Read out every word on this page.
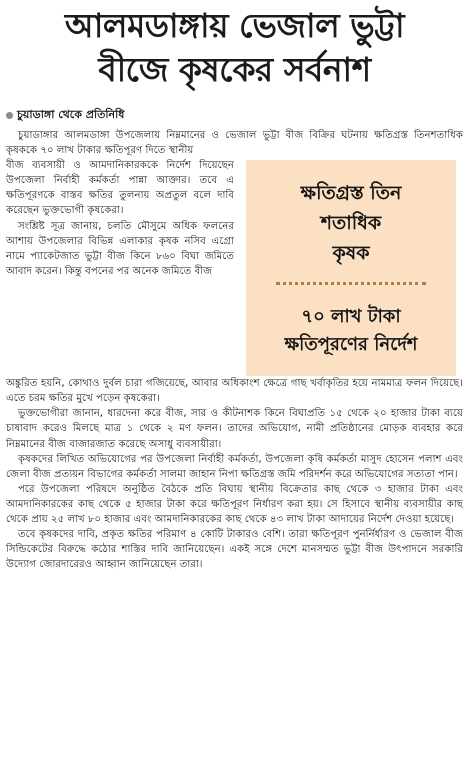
আলমডাঙ্গায় ভেজাল ভুট্টা
বীজে কৃষকের সর্বনাশ
চুয়াডাঙ্গা থেকে প্রতিনিধি

চুয়াডাঙ্গার আলমডাঙ্গা উপজেলায় নিম্নমানের ও ভেজাল ভুট্টা বীজ বিক্রির ঘটনায় ক্ষতিগ্রস্ত তিনশতাধিক কৃষককে ৭০ লাখ টাকার ক্ষতিপূরণ দিতে স্থানীয়

বীজ ব্যবসায়ী ও আমদানিকারককে নির্দেশ দিয়েছেন উপজেলা নির্বাহী কর্মকর্তা পান্না আক্তার। তবে এ ক্ষতিপূরণকে বাস্তব ক্ষতির তুলনায় অপ্রতুল বলে দাবি করেছেন ভুক্তভোগী কৃষকেরা।

সংশ্লিষ্ট সূত্র জানায়, চলতি মৌসুমে অধিক ফলনের আশায় উপজেলার বিভিন্ন এলাকার কৃষক নসিব এগ্রো নামে প্যাকেটজাত ভুট্টা বীজ কিনে ৮৬০ বিঘা জমিতে আবাদ করেন। কিন্তু বপনের পর অনেক জমিতে বীজ

ক্ষতিগ্রস্ত তিন
শতাধিক
কৃষক
৭০ লাখ টাকা
ক্ষতিপূরণের নির্দেশ

অঙ্কুরিত হয়নি, কোথাও দুর্বল চারা গজিয়েছে, আবার অধিকাংশ ক্ষেত্রে গাছ খর্বাকৃতির হয়ে নামমাত্র ফলন দিয়েছে। এতে চরম ক্ষতির মুখে পড়েন কৃষকেরা।

ভুক্তভোগীরা জানান, ধারদেনা করে বীজ, সার ও কীটনাশক কিনে বিঘাপ্রতি ১৫ থেকে ২০ হাজার টাকা ব্যয়ে চাষাবাদ করেও মিলছে মাত্র ১ থেকে ২ মণ ফলন। তাদের অভিযোগ, নামী প্রতিষ্ঠানের মোড়ক ব্যবহার করে নিম্নমানের বীজ বাজারজাত করেছে অসাধু ব্যবসায়ীরা।

কৃষকদের লিখিত অভিযোগের পর উপজেলা নির্বাহী কর্মকর্তা, উপজেলা কৃষি কর্মকর্তা মাসুদ হোসেন পলাশ এবং জেলা বীজ প্রত্যয়ন বিভাগের কর্মকর্তা সালমা জাহান নিপা ক্ষতিগ্রস্ত জমি পরিদর্শন করে অভিযোগের সত্যতা পান।

পরে উপজেলা পরিষদে অনুষ্ঠিত বৈঠকে প্রতি বিঘায় স্থানীয় বিক্রেতার কাছ থেকে ৩ হাজার টাকা এবং আমদানিকারকের কাছ থেকে ৫ হাজার টাকা করে ক্ষতিপূরণ নির্ধারণ করা হয়। সে হিসাবে স্থানীয় ব্যবসায়ীর কাছ থেকে প্রায় ২৫ লাখ ৮০ হাজার এবং আমদানিকারকের কাছ থেকে ৪৩ লাখ টাকা আদায়ের নির্দেশ দেওয়া হয়েছে।

তবে কৃষকদের দাবি, প্রকৃত ক্ষতির পরিমাণ ৪ কোটি টাকারও বেশি। তারা ক্ষতিপূরণ পুনর্নির্ধারণ ও ভেজাল বীজ সিন্ডিকেটের বিরুদ্ধে কঠোর শাস্তির দাবি জানিয়েছেন। একই সঙ্গে দেশে মানসম্মত ভুট্টা বীজ উৎপাদনে সরকারি উদ্যোগ জোরদারেরও আহ্বান জানিয়েছেন তারা।
